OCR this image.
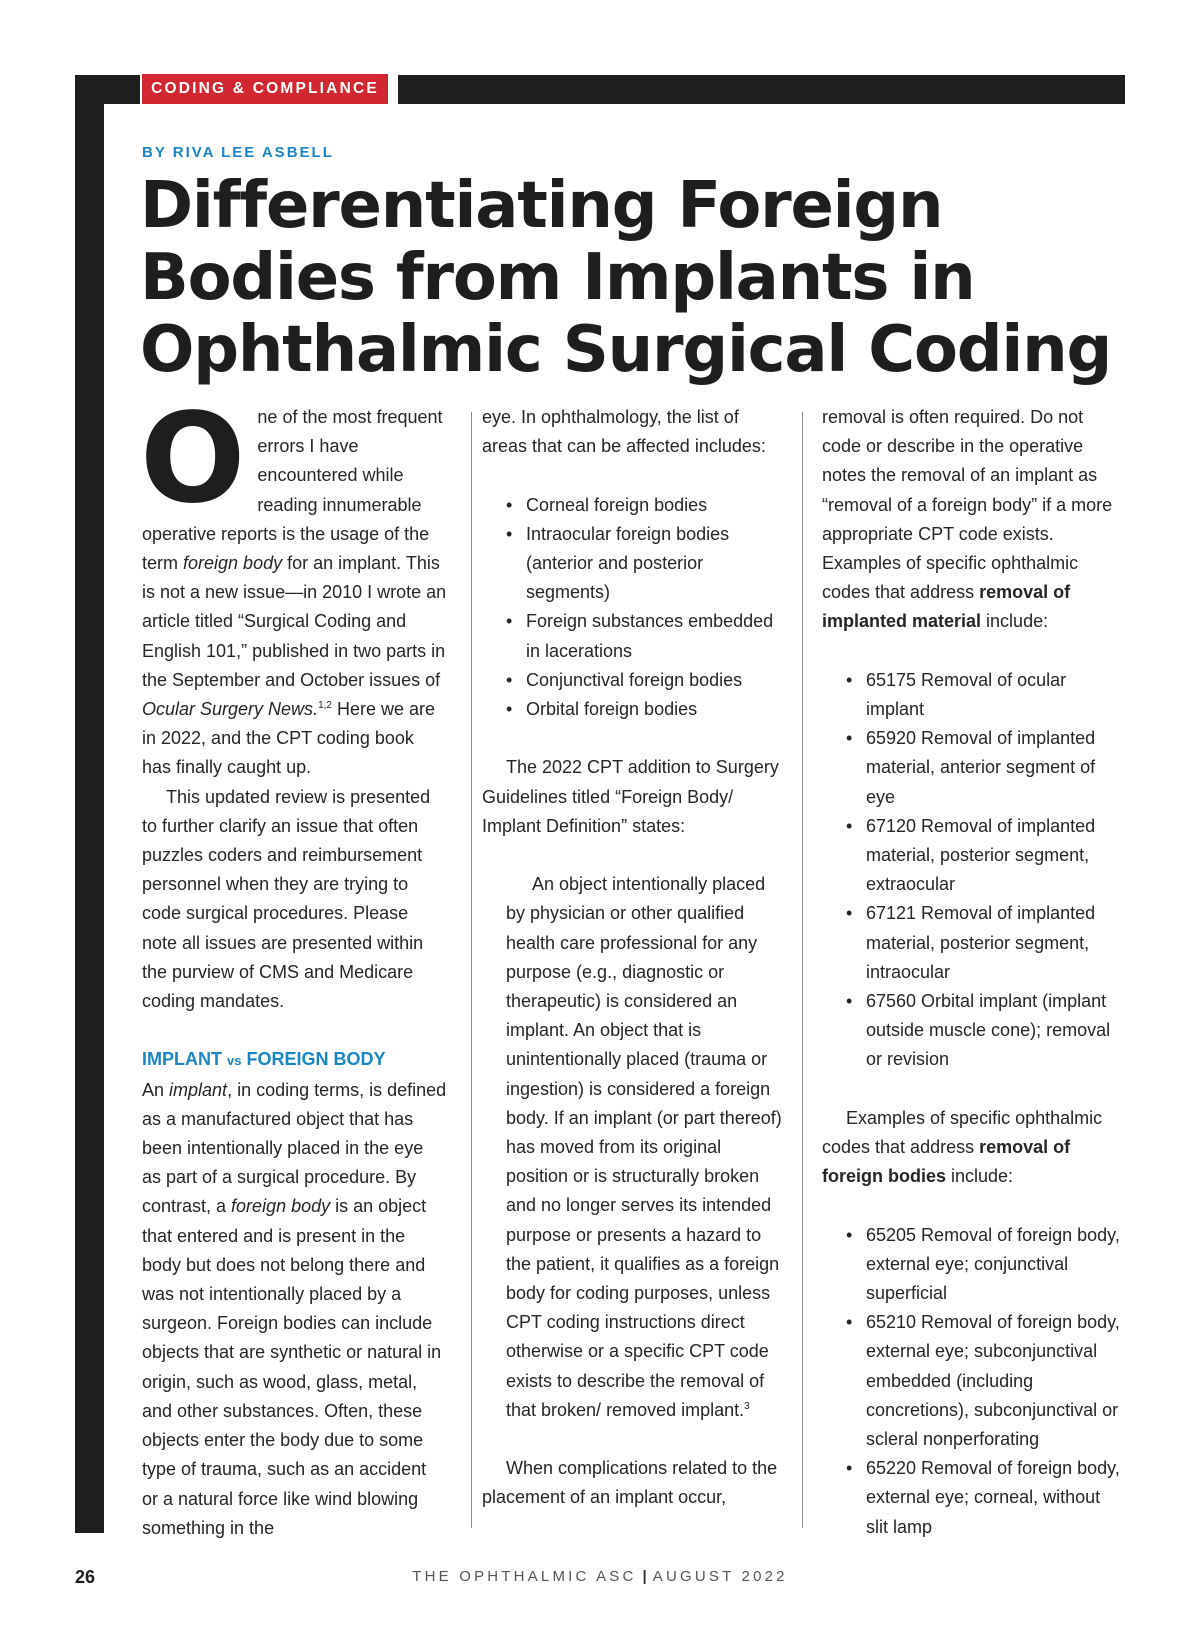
CODING & COMPLIANCE
BY RIVA LEE ASBELL
Differentiating Foreign Bodies from Implants in Ophthalmic Surgical Coding

One of the most frequent errors I have encountered while reading innumerable operative reports is the usage of the term foreign body for an implant. This is not a new issue—in 2010 I wrote an article titled “Surgical Coding and English 101,” published in two parts in the September and October issues of Ocular Surgery News.$^{1,2}$ Here we are in 2022, and the CPT coding book has finally caught up.

This updated review is presented to further clarify an issue that often puzzles coders and reimbursement personnel when they are trying to code surgical procedures. Please note all issues are presented within the purview of CMS and Medicare coding mandates.

IMPLANT vs FOREIGN BODY

An implant, in coding terms, is defined as a manufactured object that has been intentionally placed in the eye as part of a surgical procedure. By contrast, a foreign body is an object that entered and is present in the body but does not belong there and was not intentionally placed by a surgeon. Foreign bodies can include objects that are synthetic or natural in origin, such as wood, glass, metal, and other substances. Often, these objects enter the body due to some type of trauma, such as an accident or a natural force like wind blowing something in the

eye. In ophthalmology, the list of areas that can be affected includes:

• Corneal foreign bodies
• Intraocular foreign bodies (anterior and posterior segments)
• Foreign substances embedded in lacerations
• Conjunctival foreign bodies
• Orbital foreign bodies

The 2022 CPT addition to Surgery Guidelines titled “Foreign Body/ Implant Definition” states:

An object intentionally placed by physician or other qualified health care professional for any purpose (e.g., diagnostic or therapeutic) is considered an implant. An object that is unintentionally placed (trauma or ingestion) is considered a foreign body. If an implant (or part thereof) has moved from its original position or is structurally broken and no longer serves its intended purpose or presents a hazard to the patient, it qualifies as a foreign body for coding purposes, unless CPT coding instructions direct otherwise or a specific CPT code exists to describe the removal of that broken/ removed implant.$^3$

When complications related to the placement of an implant occur,

removal is often required. Do not code or describe in the operative notes the removal of an implant as “removal of a foreign body” if a more appropriate CPT code exists. Examples of specific ophthalmic codes that address removal of implanted material include:

• 65175 Removal of ocular implant
• 65920 Removal of implanted material, anterior segment of eye
• 67120 Removal of implanted material, posterior segment, extraocular
• 67121 Removal of implanted material, posterior segment, intraocular
• 67560 Orbital implant (implant outside muscle cone); removal or revision

Examples of specific ophthalmic codes that address removal of foreign bodies include:

• 65205 Removal of foreign body, external eye; conjunctival superficial
• 65210 Removal of foreign body, external eye; subconjunctival embedded (including concretions), subconjunctival or scleral nonperforating
• 65220 Removal of foreign body, external eye; corneal, without slit lamp
26	THE OPHTHALMIC ASC | AUGUST 2022
